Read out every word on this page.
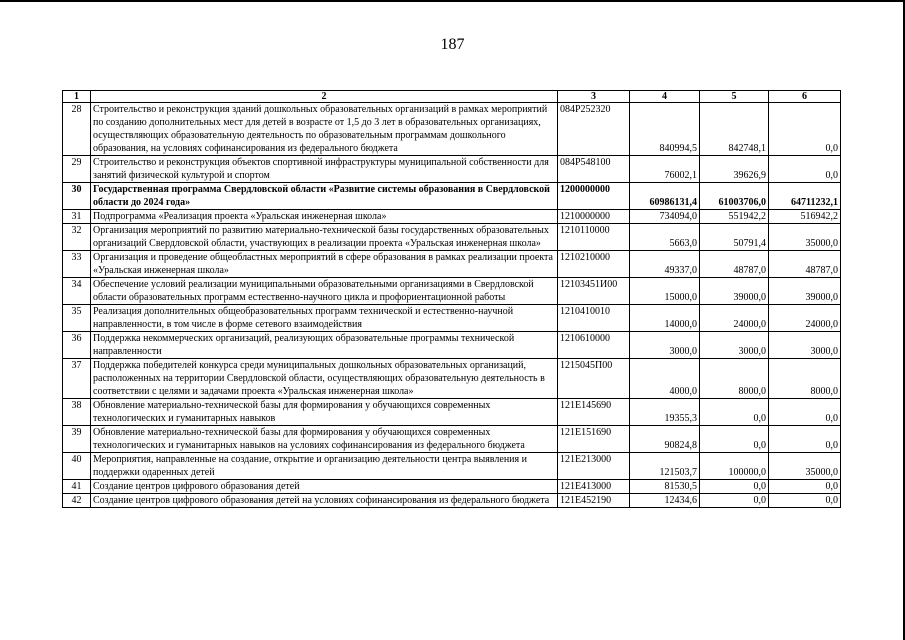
187
1	2	3	4	5	6
28	Строительство и реконструкция зданий дошкольных образовательных организаций в рамках мероприятий по созданию дополнительных мест для детей в возрасте от 1,5 до 3 лет в образовательных организациях, осуществляющих образовательную деятельность по образовательным программам дошкольного образования, на условиях софинансирования из федерального бюджета	084P252320	840994,5	842748,1	0,0
29	Строительство и реконструкция объектов спортивной инфраструктуры муниципальной собственности для занятий физической культурой и спортом	084P548100	76002,1	39626,9	0,0
30	Государственная программа Свердловской области «Развитие системы образования в Свердловской области до 2024 года»	1200000000	60986131,4	61003706,0	64711232,1
31	Подпрограмма «Реализация проекта «Уральская инженерная школа»	1210000000	734094,0	551942,2	516942,2
32	Организация мероприятий по развитию материально-технической базы государственных образовательных организаций Свердловской области, участвующих в реализации проекта «Уральская инженерная школа»	1210110000	5663,0	50791,4	35000,0
33	Организация и проведение общеобластных мероприятий в сфере образования в рамках реализации проекта «Уральская инженерная школа»	1210210000	49337,0	48787,0	48787,0
34	Обеспечение условий реализации муниципальными образовательными организациями в Свердловской области образовательных программ естественно-научного цикла и профориентационной работы	12103451И00	15000,0	39000,0	39000,0
35	Реализация дополнительных общеобразовательных программ технической и естественно-научной направленности, в том числе в форме сетевого взаимодействия	1210410010	14000,0	24000,0	24000,0
36	Поддержка некоммерческих организаций, реализующих образовательные программы технической направленности	1210610000	3000,0	3000,0	3000,0
37	Поддержка победителей конкурса среди муниципальных дошкольных образовательных организаций, расположенных на территории Свердловской области, осуществляющих образовательную деятельность в соответствии с целями и задачами проекта «Уральская инженерная школа»	1215045П00	4000,0	8000,0	8000,0
38	Обновление материально-технической базы для формирования у обучающихся современных технологических и гуманитарных навыков	121E145690	19355,3	0,0	0,0
39	Обновление материально-технической базы для формирования у обучающихся современных технологических и гуманитарных навыков на условиях софинансирования из федерального бюджета	121E151690	90824,8	0,0	0,0
40	Мероприятия, направленные на создание, открытие и организацию деятельности центра выявления и поддержки одаренных детей	121E213000	121503,7	100000,0	35000,0
41	Создание центров цифрового образования детей	121E413000	81530,5	0,0	0,0
42	Создание центров цифрового образования детей на условиях софинансирования из федерального бюджета	121E452190	12434,6	0,0	0,0
